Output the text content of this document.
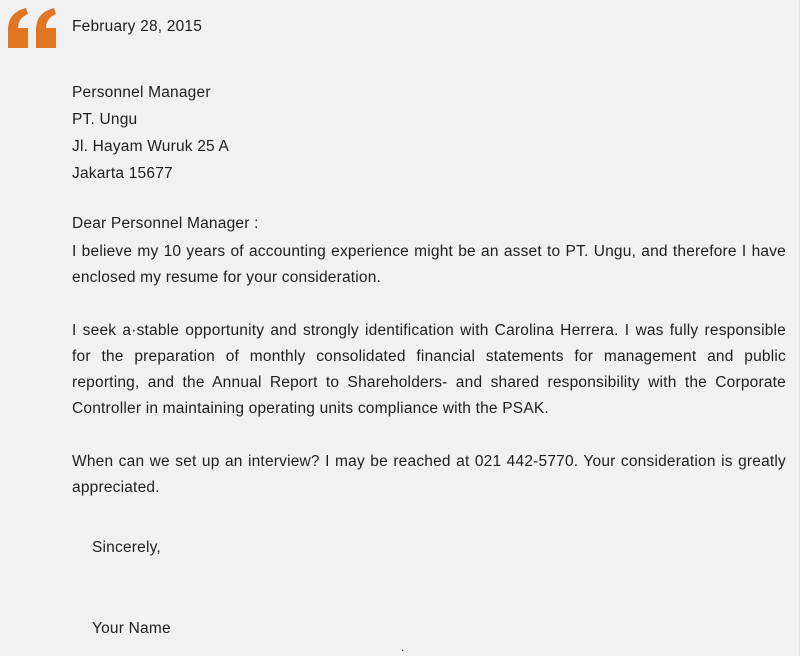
February 28, 2015

Personnel Manager
PT. Ungu
Jl. Hayam Wuruk 25 A
Jakarta 15677

Dear Personnel Manager :

I believe my 10 years of accounting experience might be an asset to PT. Ungu, and therefore I have enclosed my resume for your consideration.

I seek a·stable opportunity and strongly identification with Carolina Herrera. I was fully responsible for the preparation of monthly consolidated financial statements for management and public reporting, and the Annual Report to Shareholders- and shared responsibility with the Corporate Controller in maintaining operating units compliance with the PSAK.

When can we set up an interview? I may be reached at 021 442-5770. Your consideration is greatly appreciated.

Sincerely,

Your Name

.
